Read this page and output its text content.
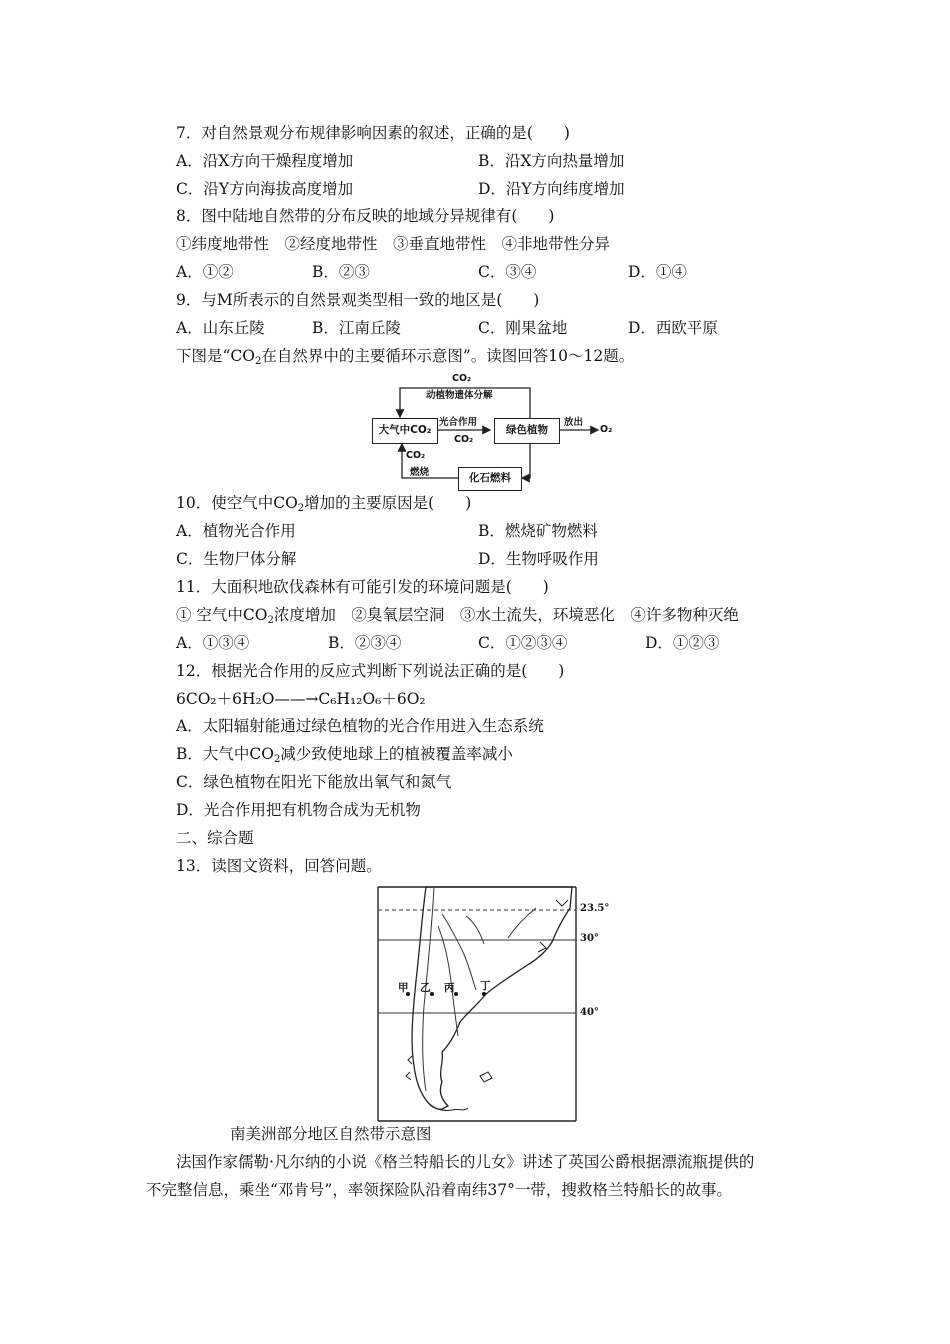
7．对自然景观分布规律影响因素的叙述，正确的是(　　)
A．沿X方向干燥程度增加	B．沿X方向热量增加
C．沿Y方向海拔高度增加	D．沿Y方向纬度增加
8．图中陆地自然带的分布反映的地域分异规律有(　　)
①纬度地带性　②经度地带性　③垂直地带性　④非地带性分异
A．①②	B．②③	C．③④	D．①④
9．与M所表示的自然景观类型相一致的地区是(　　)
A．山东丘陵	B．江南丘陵	C．刚果盆地	D．西欧平原
下图是“$CO_2$在自然界中的主要循环示意图”。读图回答10～12题。
CO₂
动植物遗体分解
大气中CO₂
光合作用
CO₂
绿色植物
放出
O₂
CO₂
燃烧	化石燃料
10．使空气中$CO_2$增加的主要原因是(　　)
A．植物光合作用	B．燃烧矿物燃料
C．生物尸体分解	D．生物呼吸作用
11．大面积地砍伐森林有可能引发的环境问题是(　　)
① 空气中$CO_2$浓度增加　②臭氧层空洞　③水土流失，环境恶化　④许多物种灭绝
A．①③④	B．②③④	C．①②③④	D．①②③
12．根据光合作用的反应式判断下列说法正确的是(　　)
6CO₂＋6H₂O——→C₆H₁₂O₆＋6O₂
A．太阳辐射能通过绿色植物的光合作用进入生态系统
B．大气中$CO_2$减少致使地球上的植被覆盖率减小
C．绿色植物在阳光下能放出氧气和氮气
D．光合作用把有机物合成为无机物
二、综合题
13．读图文资料，回答问题。
甲 乙 丙 丁
23.5°
30°
40°
南美洲部分地区自然带示意图
法国作家儒勒·凡尔纳的小说《格兰特船长的儿女》讲述了英国公爵根据漂流瓶提供的
不完整信息，乘坐“邓肯号”，率领探险队沿着南纬37°一带，搜救格兰特船长的故事。
